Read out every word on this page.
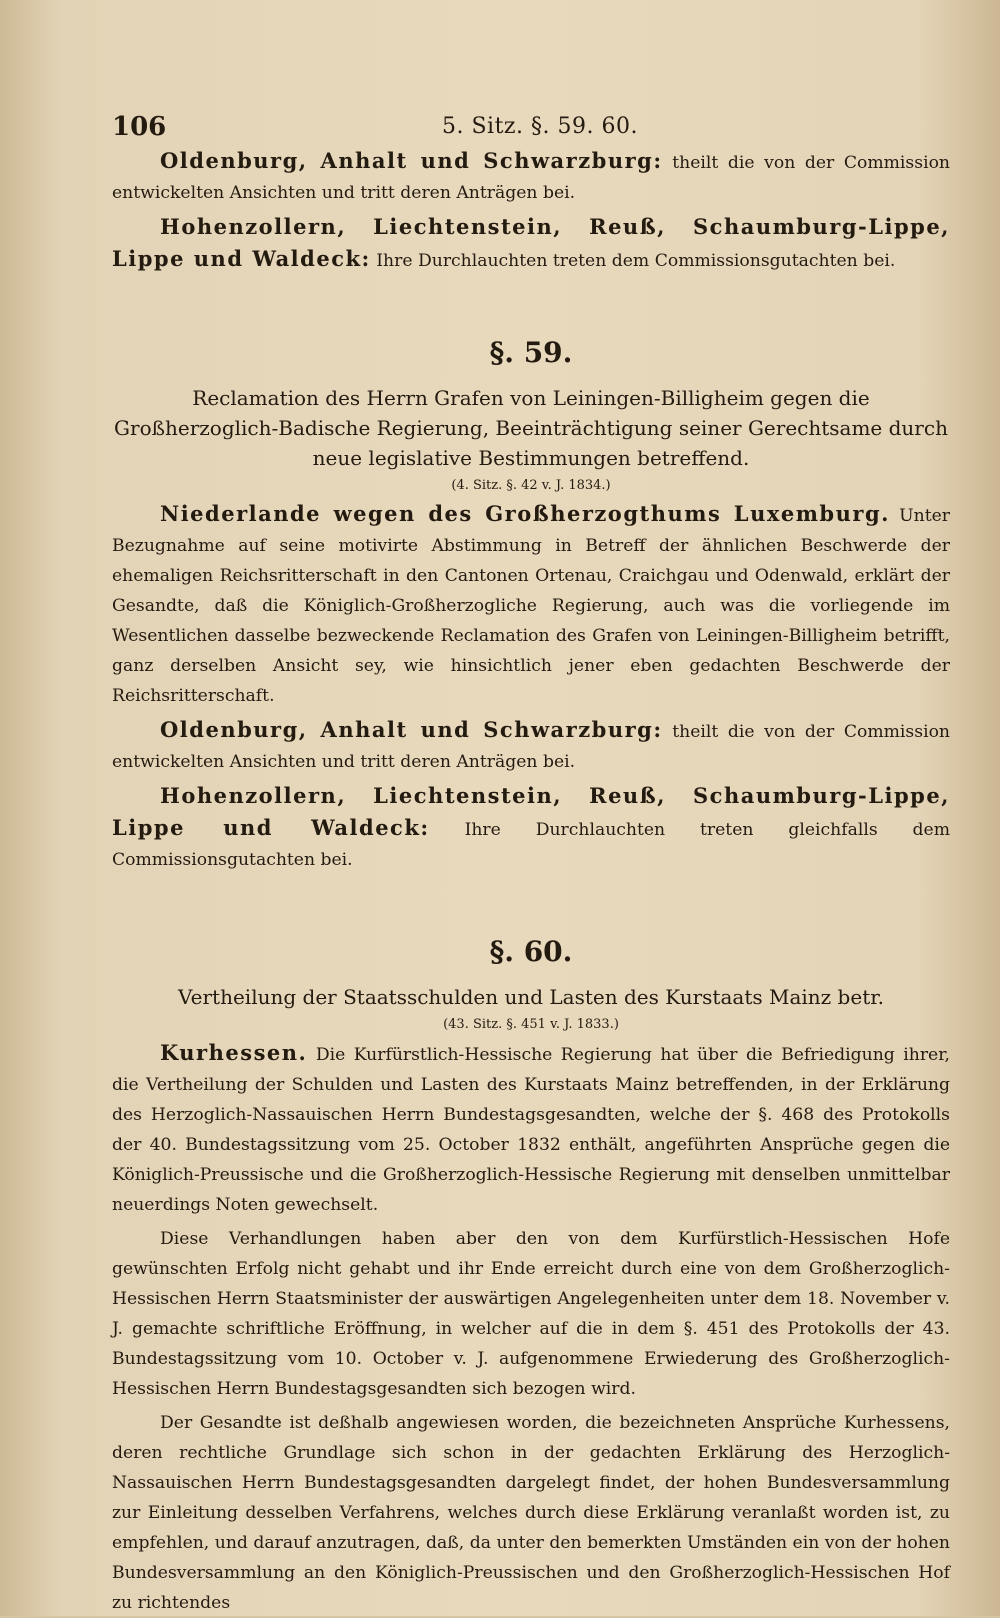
106	5. Sitz. §. 59. 60.

Oldenburg, Anhalt und Schwarzburg: theilt die von der Commission entwickelten Ansichten und tritt deren Anträgen bei.

Hohenzollern, Liechtenstein, Reuß, Schaumburg-Lippe, Lippe und Waldeck: Ihre Durchlauchten treten dem Commissionsgutachten bei.

§. 59.
Reclamation des Herrn Grafen von Leiningen-Billigheim gegen die Großherzoglich-Badische Regierung, Beeinträchtigung seiner Gerechtsame durch neue legislative Bestimmungen betreffend.
(4. Sitz. §. 42 v. J. 1834.)

Niederlande wegen des Großherzogthums Luxemburg. Unter Bezugnahme auf seine motivirte Abstimmung in Betreff der ähnlichen Beschwerde der ehemaligen Reichsritterschaft in den Cantonen Ortenau, Craichgau und Odenwald, erklärt der Gesandte, daß die Königlich-Großherzogliche Regierung, auch was die vorliegende im Wesentlichen dasselbe bezweckende Reclamation des Grafen von Leiningen-Billigheim betrifft, ganz derselben Ansicht sey, wie hinsichtlich jener eben gedachten Beschwerde der Reichsritterschaft.

Oldenburg, Anhalt und Schwarzburg: theilt die von der Commission entwickelten Ansichten und tritt deren Anträgen bei.

Hohenzollern, Liechtenstein, Reuß, Schaumburg-Lippe, Lippe und Waldeck: Ihre Durchlauchten treten gleichfalls dem Commissionsgutachten bei.

§. 60.
Vertheilung der Staatsschulden und Lasten des Kurstaats Mainz betr.
(43. Sitz. §. 451 v. J. 1833.)

Kurhessen. Die Kurfürstlich-Hessische Regierung hat über die Befriedigung ihrer, die Vertheilung der Schulden und Lasten des Kurstaats Mainz betreffenden, in der Erklärung des Herzoglich-Nassauischen Herrn Bundestagsgesandten, welche der §. 468 des Protokolls der 40. Bundestagssitzung vom 25. October 1832 enthält, angeführten Ansprüche gegen die Königlich-Preussische und die Großherzoglich-Hessische Regierung mit denselben unmittelbar neuerdings Noten gewechselt.

Diese Verhandlungen haben aber den von dem Kurfürstlich-Hessischen Hofe gewünschten Erfolg nicht gehabt und ihr Ende erreicht durch eine von dem Großherzoglich-Hessischen Herrn Staatsminister der auswärtigen Angelegenheiten unter dem 18. November v. J. gemachte schriftliche Eröffnung, in welcher auf die in dem §. 451 des Protokolls der 43. Bundestagssitzung vom 10. October v. J. aufgenommene Erwiederung des Großherzoglich-Hessischen Herrn Bundestagsgesandten sich bezogen wird.

Der Gesandte ist deßhalb angewiesen worden, die bezeichneten Ansprüche Kurhessens, deren rechtliche Grundlage sich schon in der gedachten Erklärung des Herzoglich-Nassauischen Herrn Bundestagsgesandten dargelegt findet, der hohen Bundesversammlung zur Einleitung desselben Verfahrens, welches durch diese Erklärung veranlaßt worden ist, zu empfehlen, und darauf anzutragen, daß, da unter den bemerkten Umständen ein von der hohen Bundesversammlung an den Königlich-Preussischen und den Großherzoglich-Hessischen Hof zu richtendes
